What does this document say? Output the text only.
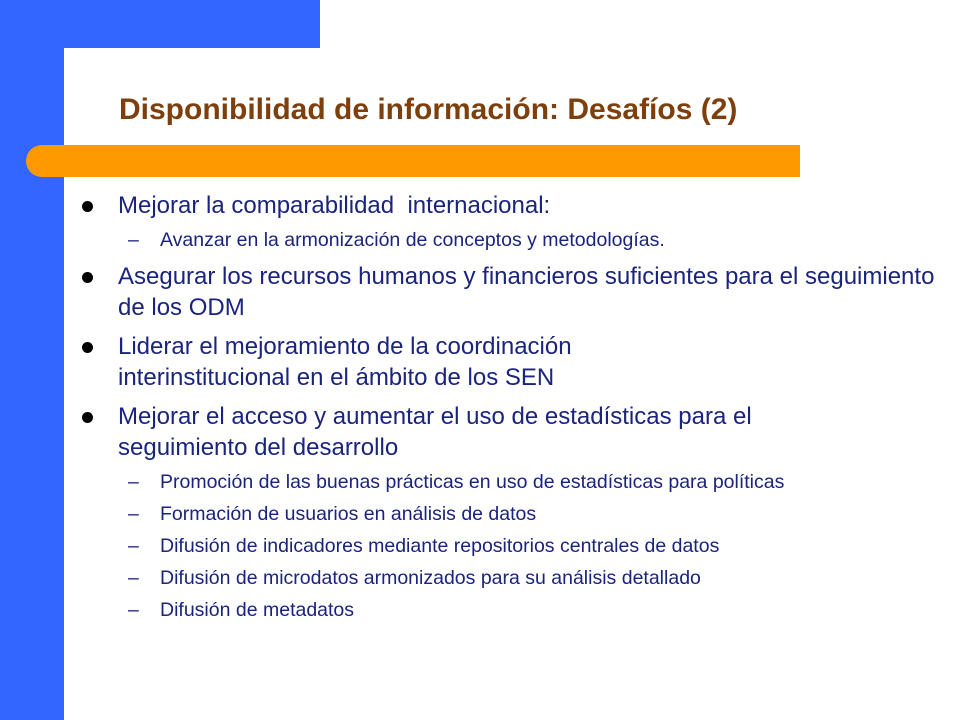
Disponibilidad de información: Desafíos (2)
Mejorar la comparabilidad  internacional:
– Avanzar en la armonización de conceptos y metodologías.
Asegurar los recursos humanos y financieros suficientes para el seguimiento de los ODM
Liderar el mejoramiento de la coordinación interinstitucional en el ámbito de los SEN
Mejorar el acceso y aumentar el uso de estadísticas para el seguimiento del desarrollo
– Promoción de las buenas prácticas en uso de estadísticas para políticas
– Formación de usuarios en análisis de datos
– Difusión de indicadores mediante repositorios centrales de datos
– Difusión de microdatos armonizados para su análisis detallado
– Difusión de metadatos
